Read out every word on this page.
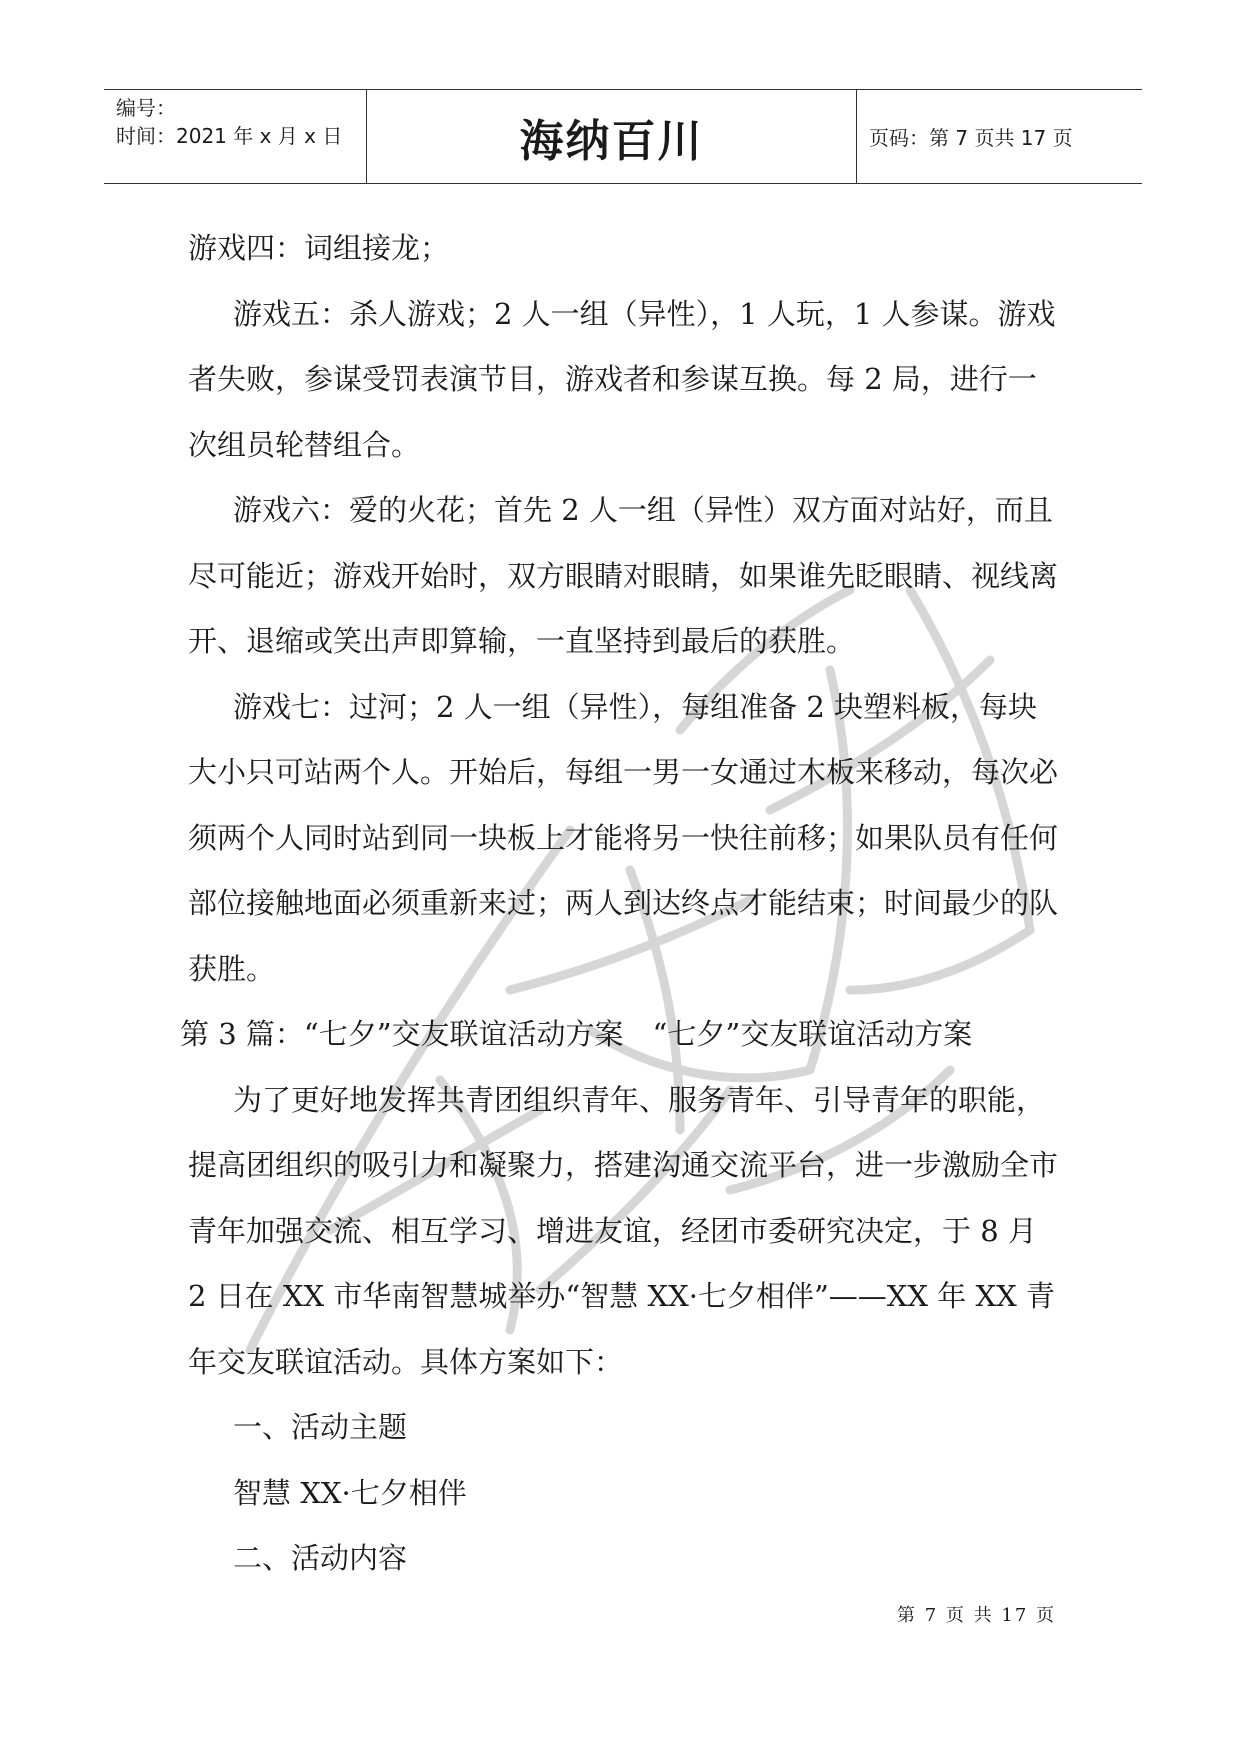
编号：
时间：2021 年 x 月 x 日	海纳百川	页码：第 7 页共 17 页

游戏四：词组接龙；

游戏五：杀人游戏；2 人一组（异性），1 人玩，1 人参谋。游戏者失败，参谋受罚表演节目，游戏者和参谋互换。每 2 局，进行一次组员轮替组合。

游戏六：爱的火花；首先 2 人一组（异性）双方面对站好，而且尽可能近；游戏开始时，双方眼睛对眼睛，如果谁先眨眼睛、视线离开、退缩或笑出声即算输，一直坚持到最后的获胜。

游戏七：过河；2 人一组（异性），每组准备 2 块塑料板，每块大小只可站两个人。开始后，每组一男一女通过木板来移动，每次必须两个人同时站到同一块板上才能将另一快往前移；如果队员有任何部位接触地面必须重新来过；两人到达终点才能结束；时间最少的队获胜。

第 3 篇：“七夕”交友联谊活动方案　“七夕”交友联谊活动方案

为了更好地发挥共青团组织青年、服务青年、引导青年的职能，提高团组织的吸引力和凝聚力，搭建沟通交流平台，进一步激励全市青年加强交流、相互学习、增进友谊，经团市委研究决定，于 8 月 2 日在 XX 市华南智慧城举办“智慧 XX·七夕相伴”——XX 年 XX 青年交友联谊活动。具体方案如下：

一、活动主题

智慧 XX·七夕相伴

二、活动内容

第 7 页 共 17 页
